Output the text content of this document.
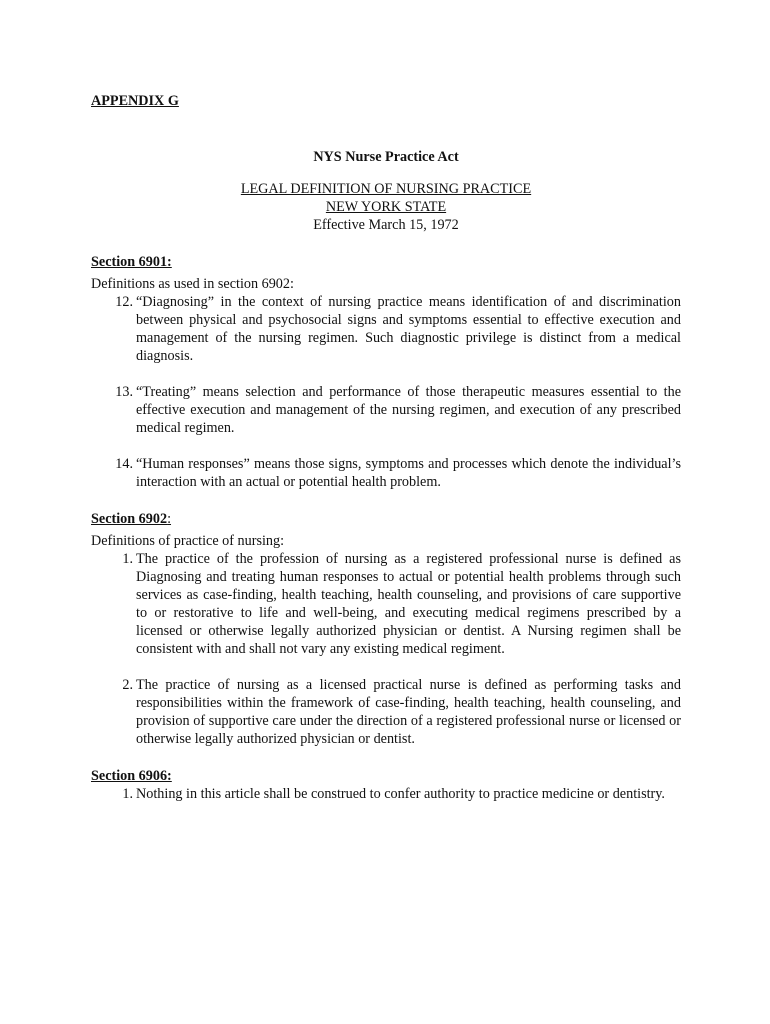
APPENDIX G
NYS Nurse Practice Act
LEGAL DEFINITION OF NURSING PRACTICE
NEW YORK STATE
Effective March 15, 1972
Section 6901:
Definitions as used in section 6902:
12. “Diagnosing” in the context of nursing practice means identification of and discrimination between physical and psychosocial signs and symptoms essential to effective execution and management of the nursing regimen. Such diagnostic privilege is distinct from a medical diagnosis.
13. “Treating” means selection and performance of those therapeutic measures essential to the effective execution and management of the nursing regimen, and execution of any prescribed medical regimen.
14. “Human responses” means those signs, symptoms and processes which denote the individual’s interaction with an actual or potential health problem.
Section 6902:
Definitions of practice of nursing:
1. The practice of the profession of nursing as a registered professional nurse is defined as Diagnosing and treating human responses to actual or potential health problems through such services as case-finding, health teaching, health counseling, and provisions of care supportive to or restorative to life and well-being, and executing medical regimens prescribed by a licensed or otherwise legally authorized physician or dentist. A Nursing regimen shall be consistent with and shall not vary any existing medical regiment.
2. The practice of nursing as a licensed practical nurse is defined as performing tasks and responsibilities within the framework of case-finding, health teaching, health counseling, and provision of supportive care under the direction of a registered professional nurse or licensed or otherwise legally authorized physician or dentist.
Section 6906:
1. Nothing in this article shall be construed to confer authority to practice medicine or dentistry.
